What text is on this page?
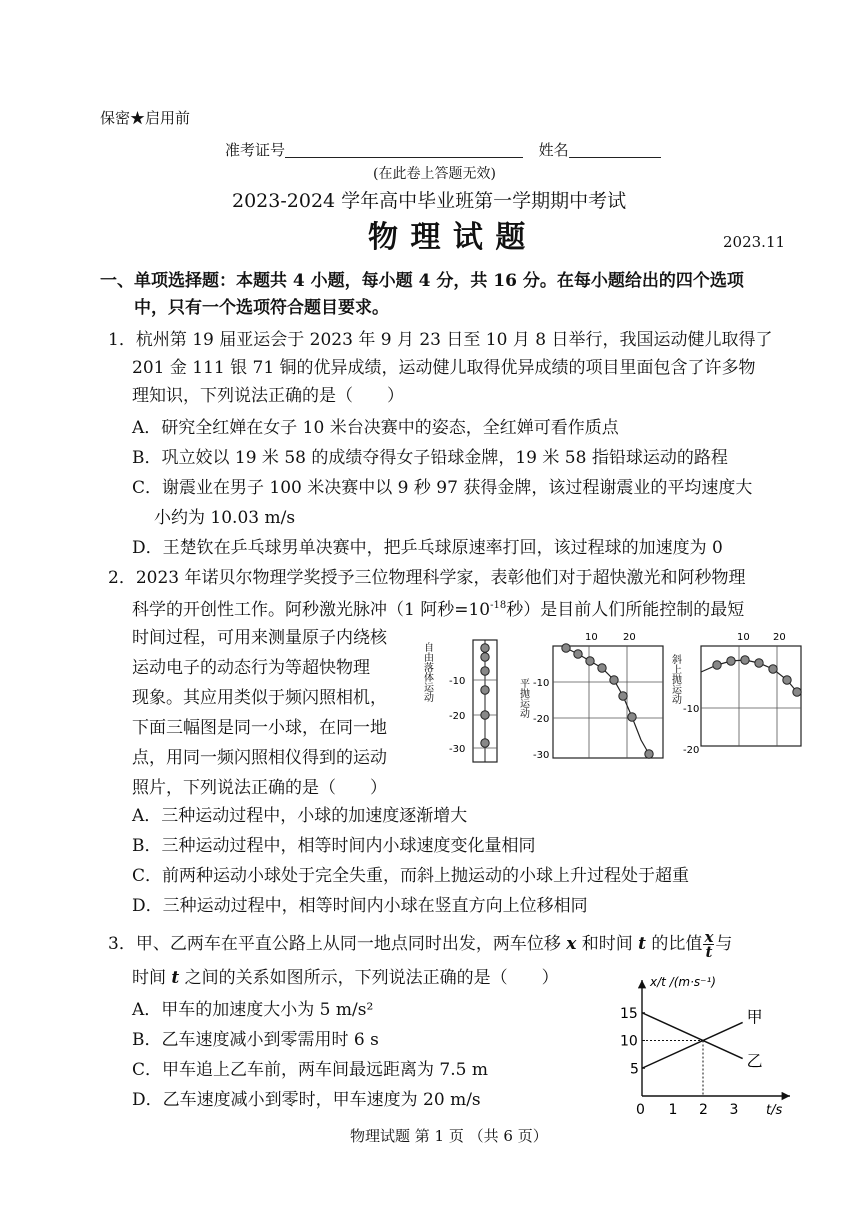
保密★启用前
准考证号	姓名
(在此卷上答题无效)
2023-2024 学年高中毕业班第一学期期中考试
物 理 试 题	2023.11
一、单项选择题：本题共 4 小题，每小题 4 分，共 16 分。在每小题给出的四个选项
中，只有一个选项符合题目要求。
1．杭州第 19 届亚运会于 2023 年 9 月 23 日至 10 月 8 日举行，我国运动健儿取得了
201 金 111 银 71 铜的优异成绩，运动健儿取得优异成绩的项目里面包含了许多物
理知识，下列说法正确的是（　　）
A．研究全红婵在女子 10 米台决赛中的姿态，全红婵可看作质点
B．巩立姣以 19 米 58 的成绩夺得女子铅球金牌，19 米 58 指铅球运动的路程
C．谢震业在男子 100 米决赛中以 9 秒 97 获得金牌，该过程谢震业的平均速度大
小约为 10.03 m/s
D．王楚钦在乒乓球男单决赛中，把乒乓球原速率打回，该过程球的加速度为 0
2．2023 年诺贝尔物理学奖授予三位物理科学家，表彰他们对于超快激光和阿秒物理
科学的开创性工作。阿秒激光脉冲（1 阿秒$=10^{-18}$秒）是目前人们所能控制的最短
时间过程，可用来测量原子内绕核
运动电子的动态行为等超快物理
现象。其应用类似于频闪照相机，
下面三幅图是同一小球，在同一地
点，用同一频闪照相仪得到的运动
照片，下列说法正确的是（　　）
自由落体运动 -10
-20
-30
平抛运动
10	20
-10
-20
-30
斜上抛运动
10 20
-10
-20
A．三种运动过程中，小球的加速度逐渐增大
B．三种运动过程中，相等时间内小球速度变化量相同
C．前两种运动小球处于完全失重，而斜上抛运动的小球上升过程处于超重
D．三种运动过程中，相等时间内小球在竖直方向上位移相同
3．甲、乙两车在平直公路上从同一地点同时出发，两车位移 x 和时间 t 的比值 $\frac{x}{t}$ 与
时间 t 之间的关系如图所示，下列说法正确的是（　　）
A．甲车的加速度大小为 5 m/s²
B．乙车速度减小到零需用时 6 s
C．甲车追上乙车前，两车间最远距离为 7.5 m
D．乙车速度减小到零时，甲车速度为 20 m/s
x/t /(m·s⁻¹)
t/s
0 1 2 3
5
10
15	甲
乙
物理试题 第 1 页 （共 6 页）
